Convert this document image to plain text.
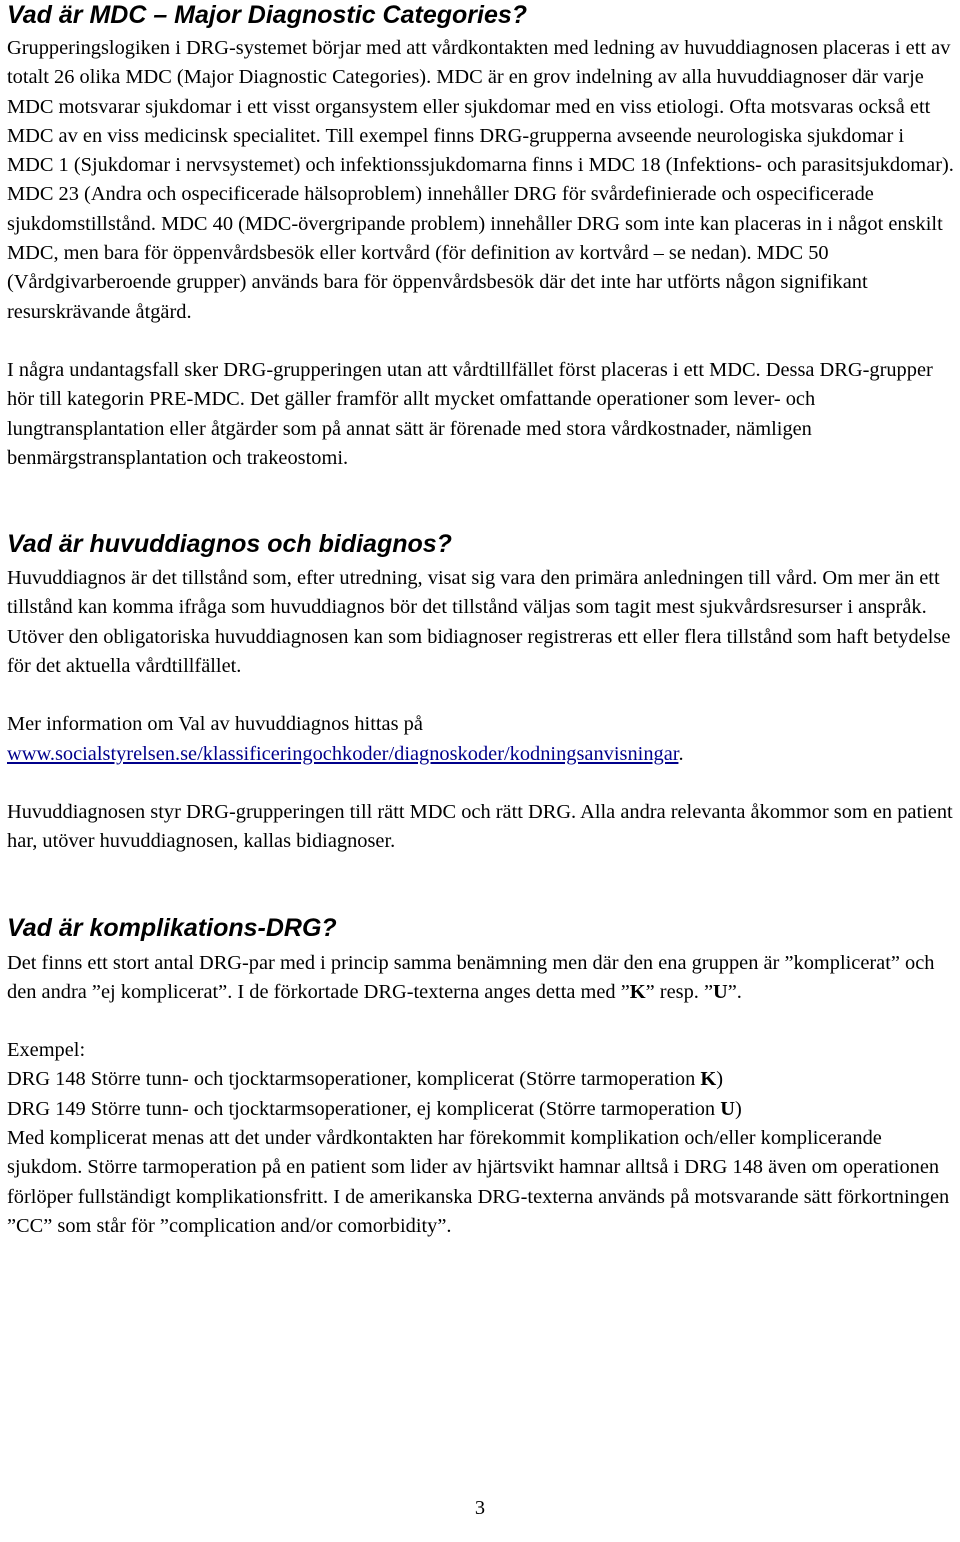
Vad är MDC – Major Diagnostic Categories?

Grupperingslogiken i DRG-systemet börjar med att vårdkontakten med ledning av huvuddiagnosen placeras i ett av totalt 26 olika MDC (Major Diagnostic Categories). MDC är en grov indelning av alla huvuddiagnoser där varje MDC motsvarar sjukdomar i ett visst organsystem eller sjukdomar med en viss etiologi. Ofta motsvaras också ett MDC av en viss medicinsk specialitet. Till exempel finns DRG-grupperna avseende neurologiska sjukdomar i MDC 1 (Sjukdomar i nervsystemet) och infektionssjukdomarna finns i MDC 18 (Infektions- och parasitsjukdomar). MDC 23 (Andra och ospecificerade hälsoproblem) innehåller DRG för svårdefinierade och ospecificerade sjukdomstillstånd. MDC 40 (MDC-övergripande problem) innehåller DRG som inte kan placeras in i något enskilt MDC, men bara för öppenvårdsbesök eller kortvård (för definition av kortvård – se nedan). MDC 50 (Vårdgivarberoende grupper) används bara för öppenvårdsbesök där det inte har utförts någon signifikant resurskrävande åtgärd.

I några undantagsfall sker DRG-grupperingen utan att vårdtillfället först placeras i ett MDC. Dessa DRG-grupper hör till kategorin PRE-MDC. Det gäller framför allt mycket omfattande operationer som lever- och lungtransplantation eller åtgärder som på annat sätt är förenade med stora vårdkostnader, nämligen benmärgstransplantation och trakeostomi.

Vad är huvuddiagnos och bidiagnos?

Huvuddiagnos är det tillstånd som, efter utredning, visat sig vara den primära anledningen till vård. Om mer än ett tillstånd kan komma ifråga som huvuddiagnos bör det tillstånd väljas som tagit mest sjukvårdsresurser i anspråk. Utöver den obligatoriska huvuddiagnosen kan som bidiagnoser registreras ett eller flera tillstånd som haft betydelse för det aktuella vårdtillfället.

Mer information om Val av huvuddiagnos hittas på
www.socialstyrelsen.se/klassificeringochkoder/diagnoskoder/kodningsanvisningar.

Huvuddiagnosen styr DRG-grupperingen till rätt MDC och rätt DRG. Alla andra relevanta åkommor som en patient har, utöver huvuddiagnosen, kallas bidiagnoser.

Vad är komplikations-DRG?

Det finns ett stort antal DRG-par med i princip samma benämning men där den ena gruppen är ”komplicerat” och den andra ”ej komplicerat”. I de förkortade DRG-texterna anges detta med ”K” resp. ”U”.

Exempel:
DRG 148 Större tunn- och tjocktarmsoperationer, komplicerat (Större tarmoperation K)
DRG 149 Större tunn- och tjocktarmsoperationer, ej komplicerat (Större tarmoperation U)
Med komplicerat menas att det under vårdkontakten har förekommit komplikation och/eller komplicerande sjukdom. Större tarmoperation på en patient som lider av hjärtsvikt hamnar alltså i DRG 148 även om operationen förlöper fullständigt komplikationsfritt. I de amerikanska DRG-texterna används på motsvarande sätt förkortningen ”CC” som står för ”complication and/or comorbidity”.

3
